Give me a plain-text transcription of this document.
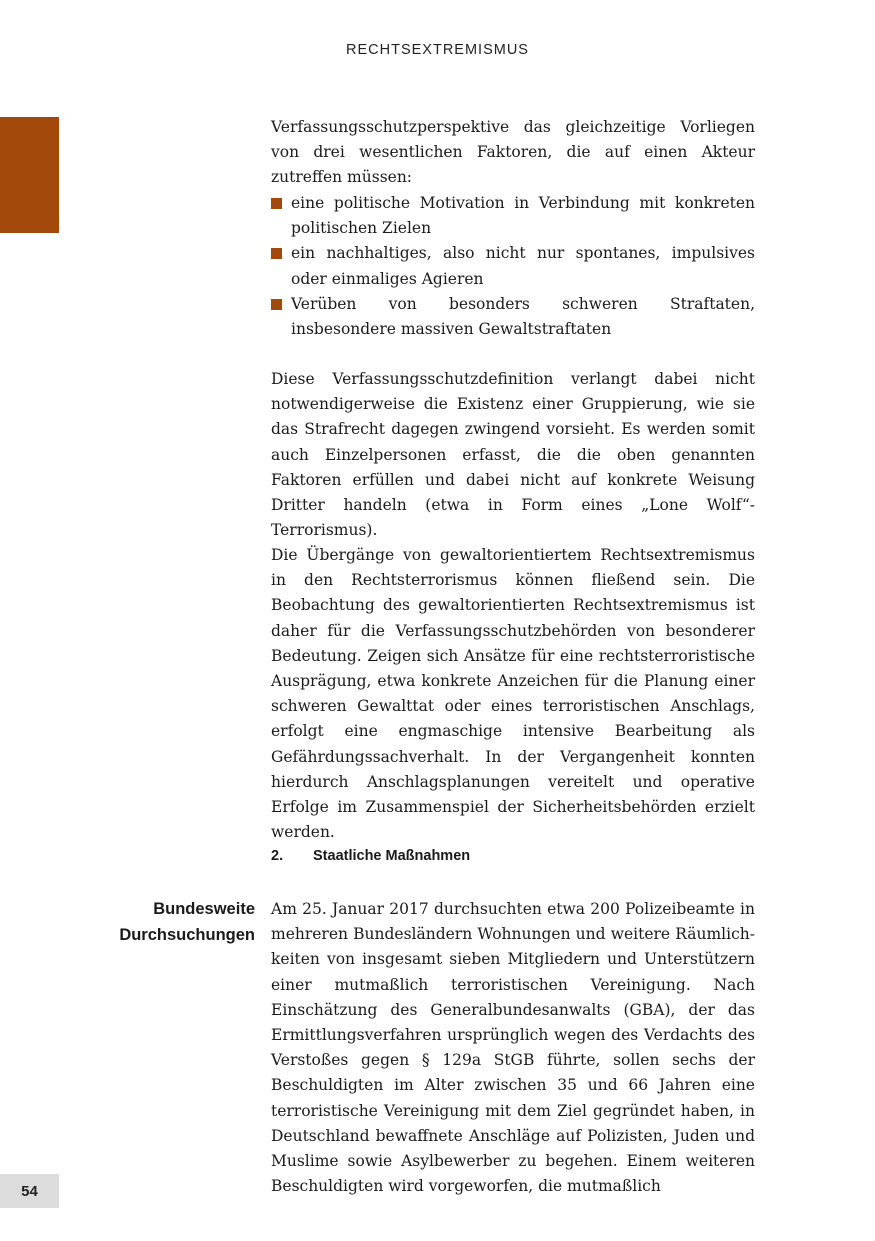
RECHTSEXTREMISMUS

Verfassungsschutzperspektive das gleichzeitige Vorliegen von drei wesentlichen Faktoren, die auf einen Akteur zutreffen müssen:

eine politische Motivation in Verbindung mit konkreten politischen Zielen
ein nachhaltiges, also nicht nur spontanes, impulsives oder einmaliges Agieren
Verüben von besonders schweren Straftaten, insbesondere massiven Gewaltstraftaten

Diese Verfassungsschutzdefinition verlangt dabei nicht notwendigerweise die Existenz einer Gruppierung, wie sie das Strafrecht dagegen zwingend vorsieht. Es werden somit auch Einzelpersonen erfasst, die die oben genannten Faktoren erfüllen und dabei nicht auf konkrete Weisung Dritter handeln (etwa in Form eines „Lone Wolf“-Terrorismus).

Die Übergänge von gewaltorientiertem Rechtsextremismus in den Rechtsterrorismus können fließend sein. Die Beobachtung des gewaltorientierten Rechtsextremismus ist daher für die Verfassungsschutzbehörden von besonderer Bedeutung. Zeigen sich Ansätze für eine rechtsterroristische Ausprägung, etwa konkrete Anzeichen für die Planung einer schweren Gewalttat oder eines terroristischen Anschlags, erfolgt eine engmaschige intensive Bearbeitung als Gefährdungssachverhalt. In der Vergangenheit konnten hierdurch Anschlagsplanungen vereitelt und operative Erfolge im Zusammenspiel der Sicherheitsbehörden erzielt werden.

2.	Staatliche Maßnahmen
Bundesweite
Durchsuchungen

Am 25. Januar 2017 durchsuchten etwa 200 Polizeibeamte in mehreren Bundesländern Wohnungen und weitere Räumlichkeiten von insgesamt sieben Mitgliedern und Unterstützern einer mutmaßlich terroristischen Vereinigung. Nach Einschätzung des Generalbundesanwalts (GBA), der das Ermittlungsverfahren ursprünglich wegen des Verdachts des Verstoßes gegen § 129a StGB führte, sollen sechs der Beschuldigten im Alter zwischen 35 und 66 Jahren eine terroristische Vereinigung mit dem Ziel gegründet haben, in Deutschland bewaffnete Anschläge auf Polizisten, Juden und Muslime sowie Asylbewerber zu begehen. Einem weiteren Beschuldigten wird vorgeworfen, die mutmaßlich

54
